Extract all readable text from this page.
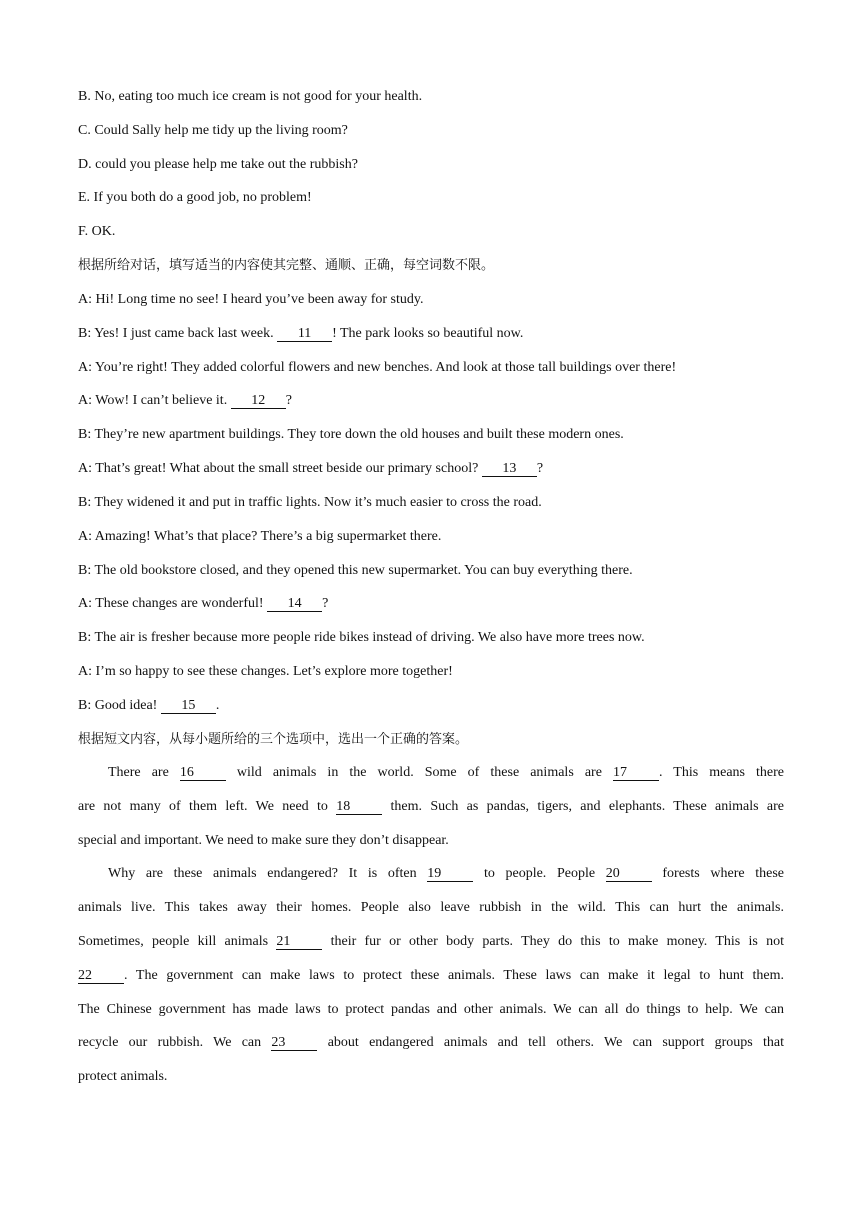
B. No, eating too much ice cream is not good for your health.
C. Could Sally help me tidy up the living room?
D. could you please help me take out the rubbish?
E. If you both do a good job, no problem!
F. OK.
根据所给对话，填写适当的内容使其完整、通顺、正确，每空词数不限。
A: Hi! Long time no see! I heard you’ve been away for study.
B: Yes! I just came back last week. 11 ! The park looks so beautiful now.
A: You’re right! They added colorful flowers and new benches. And look at those tall buildings over there!
A: Wow! I can’t believe it. 12 ?
B: They’re new apartment buildings. They tore down the old houses and built these modern ones.
A: That’s great! What about the small street beside our primary school? 13 ?
B: They widened it and put in traffic lights. Now it’s much easier to cross the road.
A: Amazing! What’s that place? There’s a big supermarket there.
B: The old bookstore closed, and they opened this new supermarket. You can buy everything there.
A: These changes are wonderful! 14 ?
B: The air is fresher because more people ride bikes instead of driving. We also have more trees now.
A: I’m so happy to see these changes. Let’s explore more together!
B: Good idea! 15 .
根据短文内容，从每小题所给的三个选项中，选出一个正确的答案。
There are 16 wild animals in the world. Some of these animals are 17 . This means there
are not many of them left. We need to 18 them. Such as pandas, tigers, and elephants. These animals are
special and important. We need to make sure they don’t disappear.
Why are these animals endangered? It is often 19 to people. People 20 forests where these
animals live. This takes away their homes. People also leave rubbish in the wild. This can hurt the animals.
Sometimes, people kill animals 21 their fur or other body parts. They do this to make money. This is not
22 . The government can make laws to protect these animals. These laws can make it legal to hunt them.
The Chinese government has made laws to protect pandas and other animals. We can all do things to help. We can
recycle our rubbish. We can 23 about endangered animals and tell others. We can support groups that
protect animals.
